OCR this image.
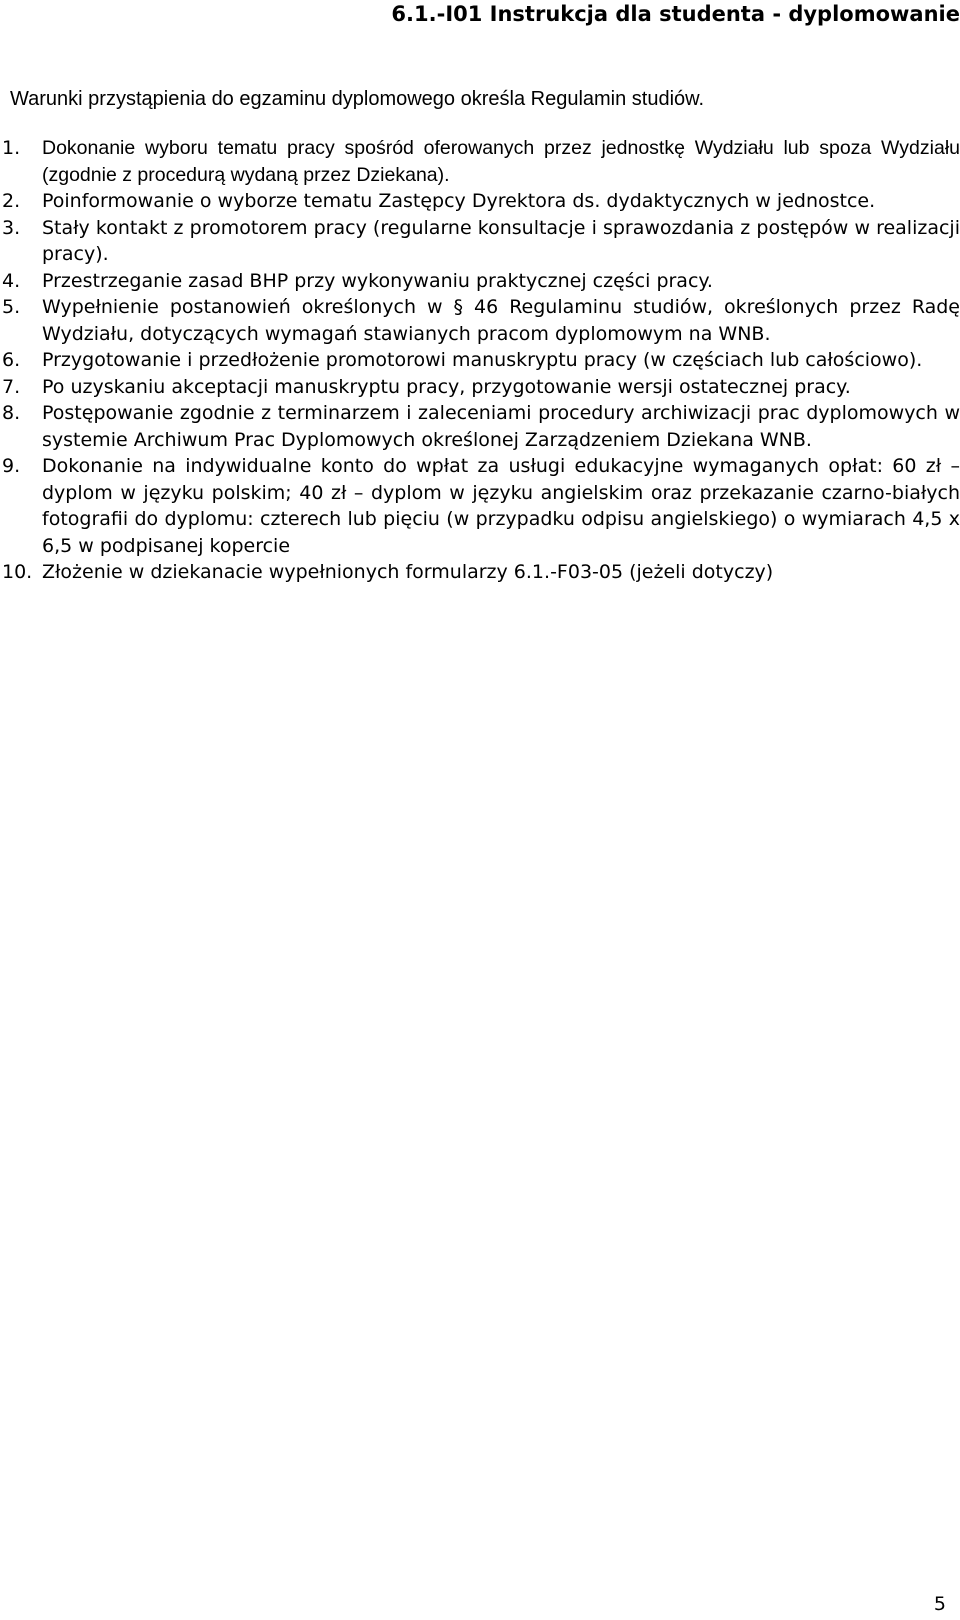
6.1.-I01 Instrukcja dla studenta - dyplomowanie
Warunki przystąpienia do egzaminu dyplomowego określa Regulamin studiów.
1.	Dokonanie wyboru tematu pracy spośród oferowanych przez jednostkę Wydziału lub spoza Wydziału (zgodnie z procedurą wydaną przez Dziekana).
2.	Poinformowanie o wyborze tematu Zastępcy Dyrektora ds. dydaktycznych w jednostce.
3.	Stały kontakt z promotorem pracy (regularne konsultacje i sprawozdania z postępów w realizacji pracy).
4.	Przestrzeganie zasad BHP przy wykonywaniu praktycznej części pracy.
5.	Wypełnienie postanowień określonych w § 46 Regulaminu studiów, określonych przez Radę Wydziału, dotyczących wymagań stawianych pracom dyplomowym na WNB.
6.	Przygotowanie i przedłożenie promotorowi manuskryptu pracy (w częściach lub całościowo).
7.	Po uzyskaniu akceptacji manuskryptu pracy, przygotowanie wersji ostatecznej pracy.
8.	Postępowanie zgodnie z terminarzem i zaleceniami procedury archiwizacji prac dyplomowych w systemie Archiwum Prac Dyplomowych określonej Zarządzeniem Dziekana WNB.
9.	Dokonanie na indywidualne konto do wpłat za usługi edukacyjne wymaganych opłat: 60 zł – dyplom w języku polskim; 40 zł – dyplom w języku angielskim oraz przekazanie czarno-białych fotografii do dyplomu: czterech lub pięciu (w przypadku odpisu angielskiego) o wymiarach 4,5 x 6,5 w podpisanej kopercie
10. Złożenie w dziekanacie wypełnionych formularzy 6.1.-F03-05 (jeżeli dotyczy)
5
